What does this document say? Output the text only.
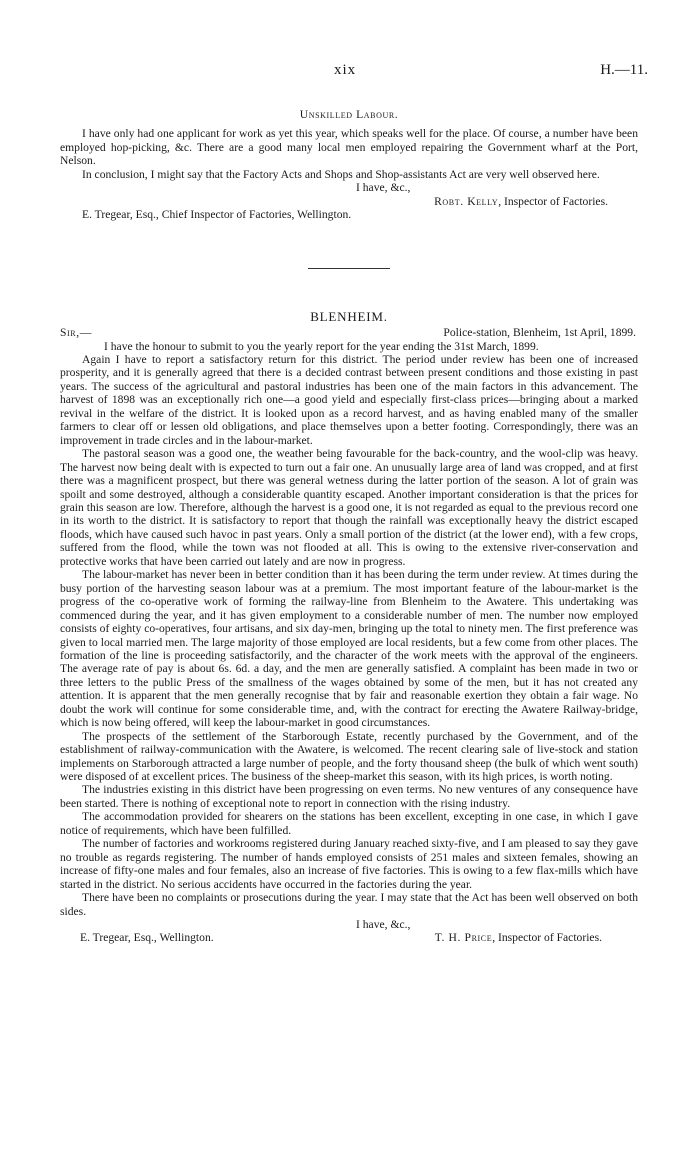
xix	H.—11.
Unskilled Labour.

I have only had one applicant for work as yet this year, which speaks well for the place. Of course, a number have been employed hop-picking, &c. There are a good many local men employed repairing the Government wharf at the Port, Nelson.

In conclusion, I might say that the Factory Acts and Shops and Shop-assistants Act are very well observed here.

I have, &c.,
Robt. Kelly, Inspector of Factories.
E. Tregear, Esq., Chief Inspector of Factories, Wellington.
BLENHEIM.
Sir,—	Police-station, Blenheim, 1st April, 1899.

I have the honour to submit to you the yearly report for the year ending the 31st March, 1899.

Again I have to report a satisfactory return for this district. The period under review has been one of increased prosperity, and it is generally agreed that there is a decided contrast between present conditions and those existing in past years. The success of the agricultural and pastoral industries has been one of the main factors in this advancement. The harvest of 1898 was an exceptionally rich one—a good yield and especially first-class prices—bringing about a marked revival in the welfare of the district. It is looked upon as a record harvest, and as having enabled many of the smaller farmers to clear off or lessen old obligations, and place themselves upon a better footing. Correspondingly, there was an improvement in trade circles and in the labour-market.

The pastoral season was a good one, the weather being favourable for the back-country, and the wool-clip was heavy. The harvest now being dealt with is expected to turn out a fair one. An unusually large area of land was cropped, and at first there was a magnificent prospect, but there was general wetness during the latter portion of the season. A lot of grain was spoilt and some destroyed, although a considerable quantity escaped. Another important consideration is that the prices for grain this season are low. Therefore, although the harvest is a good one, it is not regarded as equal to the previous record one in its worth to the district. It is satisfactory to report that though the rainfall was exceptionally heavy the district escaped floods, which have caused such havoc in past years. Only a small portion of the district (at the lower end), with a few crops, suffered from the flood, while the town was not flooded at all. This is owing to the extensive river-conservation and protective works that have been carried out lately and are now in progress.

The labour-market has never been in better condition than it has been during the term under review. At times during the busy portion of the harvesting season labour was at a premium. The most important feature of the labour-market is the progress of the co-operative work of forming the railway-line from Blenheim to the Awatere. This undertaking was commenced during the year, and it has given employment to a considerable number of men. The number now employed consists of eighty co-operatives, four artisans, and six day-men, bringing up the total to ninety men. The first preference was given to local married men. The large majority of those employed are local residents, but a few come from other places. The formation of the line is proceeding satisfactorily, and the character of the work meets with the approval of the engineers. The average rate of pay is about 6s. 6d. a day, and the men are generally satisfied. A complaint has been made in two or three letters to the public Press of the smallness of the wages obtained by some of the men, but it has not created any attention. It is apparent that the men generally recognise that by fair and reasonable exertion they obtain a fair wage. No doubt the work will continue for some considerable time, and, with the contract for erecting the Awatere Railway-bridge, which is now being offered, will keep the labour-market in good circumstances.

The prospects of the settlement of the Starborough Estate, recently purchased by the Government, and of the establishment of railway-communication with the Awatere, is welcomed. The recent clearing sale of live-stock and station implements on Starborough attracted a large number of people, and the forty thousand sheep (the bulk of which went south) were disposed of at excellent prices. The business of the sheep-market this season, with its high prices, is worth noting.

The industries existing in this district have been progressing on even terms. No new ventures of any consequence have been started. There is nothing of exceptional note to report in connection with the rising industry.

The accommodation provided for shearers on the stations has been excellent, excepting in one case, in which I gave notice of requirements, which have been fulfilled.

The number of factories and workrooms registered during January reached sixty-five, and I am pleased to say they gave no trouble as regards registering. The number of hands employed consists of 251 males and sixteen females, showing an increase of fifty-one males and four females, also an increase of five factories. This is owing to a few flax-mills which have started in the district. No serious accidents have occurred in the factories during the year.

There have been no complaints or prosecutions during the year. I may state that the Act has been well observed on both sides.

I have, &c.,
E. Tregear, Esq., Wellington.	T. H. Price, Inspector of Factories.
